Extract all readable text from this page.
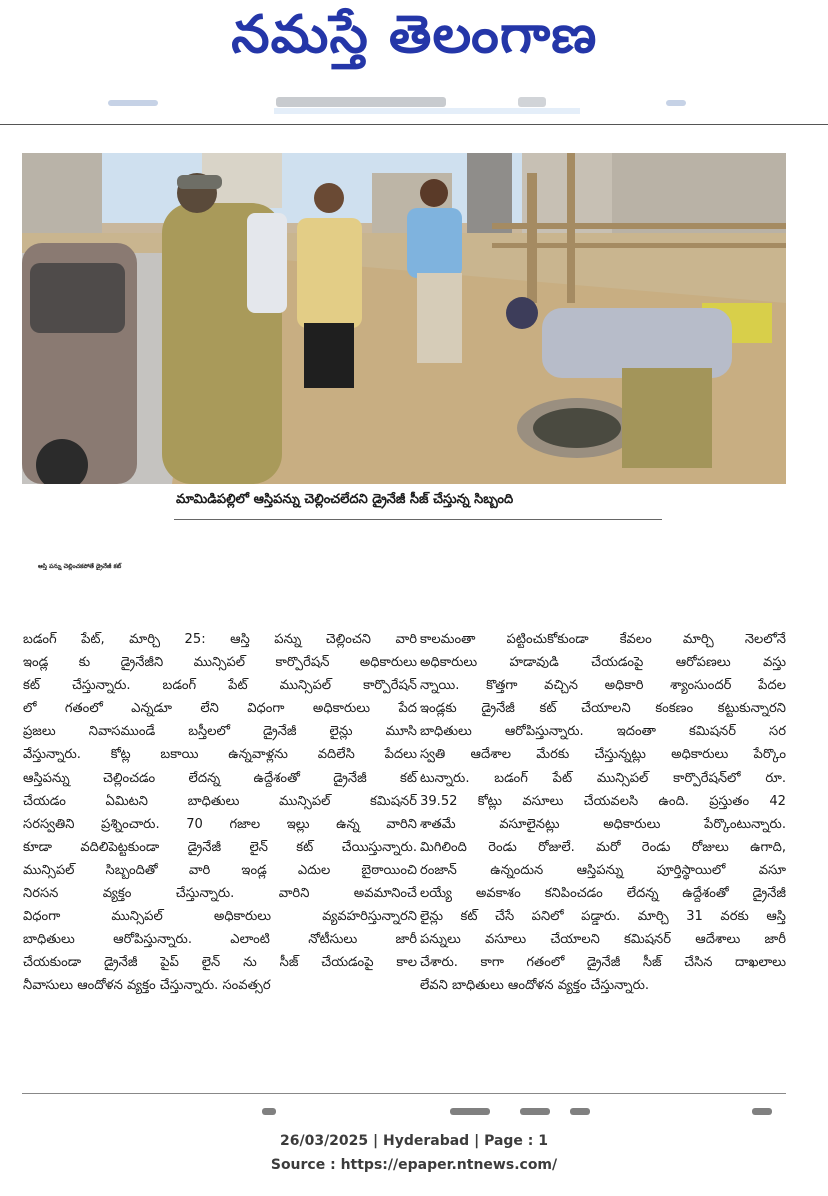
నమస్తే తెలంగాణ
మామిడిపల్లిలో ఆస్తిపన్ను చెల్లించలేదని డ్రైనేజీ సీజ్ చేస్తున్న సిబ్బంది
ఆస్తి పన్ను చెల్లించకపోతే డ్రైనేజీ కట్

బడంగ్ పేట్, మార్చి 25: ఆస్తి పన్ను చెల్లించని వారి

ఇండ్ల కు డ్రైనేజీని మున్సిపల్ కార్పొరేషన్ అధికారులు

కట్ చేస్తున్నారు. బడంగ్ పేట్ మున్సిపల్ కార్పొరేషన్

లో గతంలో ఎన్నడూ లేని విధంగా అధికారులు పేద

ప్రజలు నివాసముండే బస్తీలలో డ్రైనేజీ లైన్లు మూసి

వేస్తున్నారు. కోట్ల బకాయి ఉన్నవాళ్లను వదిలేసి పేదలు

ఆస్తిపన్ను చెల్లించడం లేదన్న ఉద్దేశంతో డ్రైనేజీ కట్

చేయడం ఏమిటని బాధితులు మున్సిపల్ కమిషనర్

సరస్వతిని ప్రశ్నించారు. 70 గజాల ఇల్లు ఉన్న వారిని

కూడా వదిలిపెట్టకుండా డ్రైనేజీ లైన్ కట్ చేయిస్తున్నారు.

మున్సిపల్ సిబ్బందితో వారి ఇండ్ల ఎదుల బైఠాయించి

నిరసన వ్యక్తం చేస్తున్నారు. వారిని అవమానించే

విధంగా మున్సిపల్ అధికారులు వ్యవహరిస్తున్నారని

బాధితులు ఆరోపిస్తున్నారు. ఎలాంటి నోటీసులు జారీ

చేయకుండా డ్రైనేజీ పైప్ లైన్ ను సీజ్ చేయడంపై కాల

నీవాసులు ఆందోళన వ్యక్తం చేస్తున్నారు. సంవత్సర

కాలమంతా పట్టించుకోకుండా కేవలం మార్చి నెలలోనే

అధికారులు హడావుడి చేయడంపై ఆరోపణలు వస్తు

న్నాయి. కొత్తగా వచ్చిన అధికారి శ్యాంసుందర్ పేదల

ఇండ్లకు డ్రైనేజీ కట్ చేయాలని కంకణం కట్టుకున్నారని

బాధితులు ఆరోపిస్తున్నారు. ఇదంతా కమిషనర్ సర

స్వతి ఆదేశాల మేరకు చేస్తున్నట్లు అధికారులు పేర్కొం

టున్నారు. బడంగ్ పేట్ మున్సిపల్ కార్పొరేషన్‌లో రూ.

39.52 కోట్లు వసూలు చేయవలసి ఉంది. ప్రస్తుతం 42

శాతమే వసూలైనట్లు అధికారులు పేర్కొంటున్నారు.

మిగిలింది రెండు రోజులే. మరో రెండు రోజులు ఉగాది,

రంజాన్ ఉన్నందున ఆస్తిపన్ను పూర్తిస్థాయిలో వసూ

లయ్యే అవకాశం కనిపించడం లేదన్న ఉద్దేశంతో డ్రైనేజీ

లైన్లు కట్ చేసే పనిలో పడ్డారు. మార్చి 31 వరకు ఆస్తి

పన్నులు వసూలు చేయాలని కమిషనర్ ఆదేశాలు జారీ

చేశారు. కాగా గతంలో డ్రైనేజీ సీజ్ చేసిన దాఖలాలు

లేవని బాధితులు ఆందోళన వ్యక్తం చేస్తున్నారు.

26/03/2025 | Hyderabad | Page : 1
Source : https://epaper.ntnews.com/
